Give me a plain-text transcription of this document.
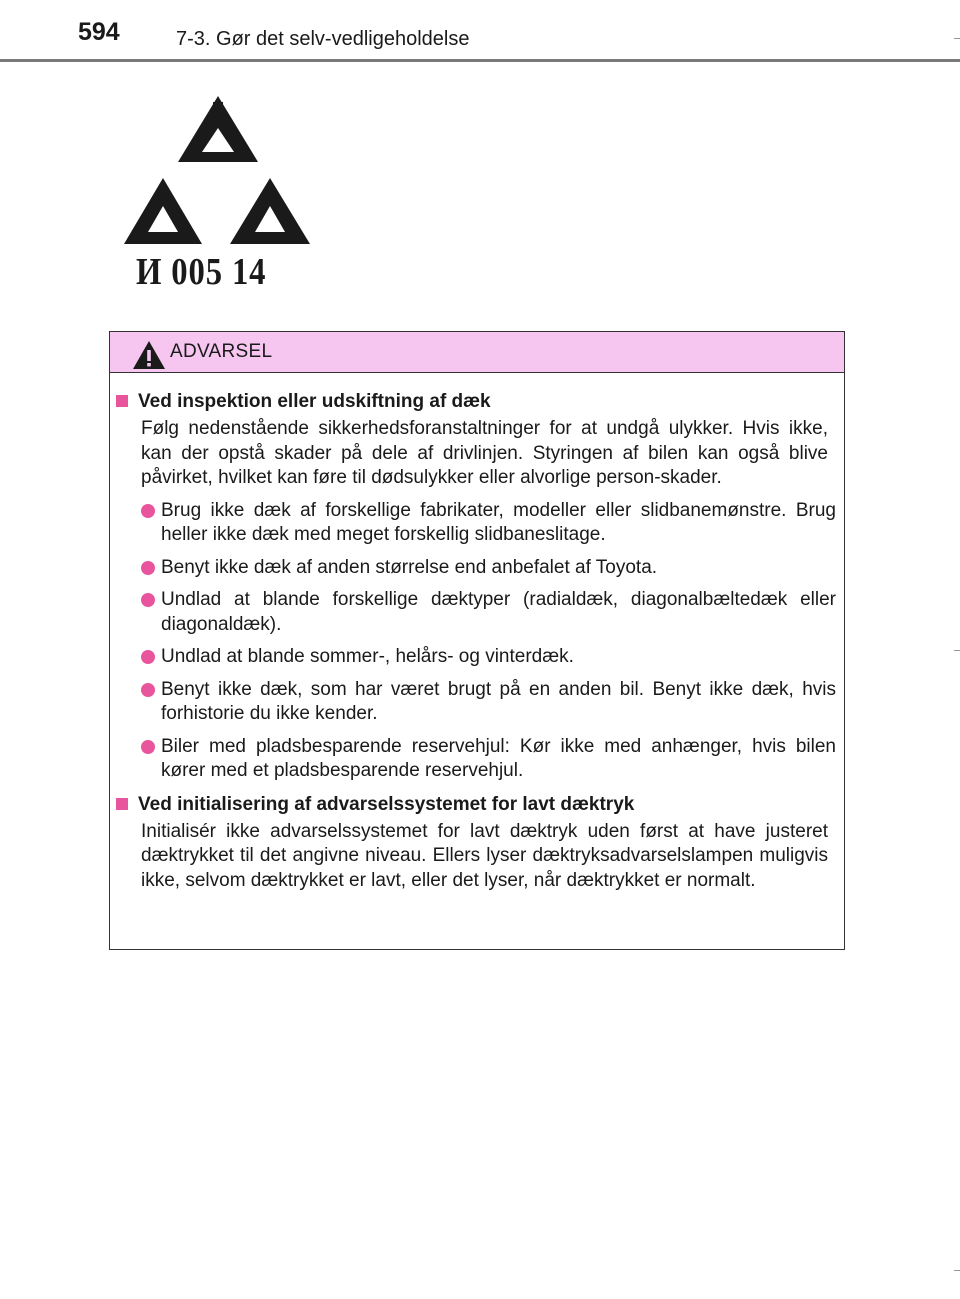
594	7-3. Gør det selv-vedligeholdelse
И 005 14
ADVARSEL
Ved inspektion eller udskiftning af dæk

Følg nedenstående sikkerhedsforanstaltninger for at undgå ulykker. Hvis ikke, kan der opstå skader på dele af drivlinjen. Styringen af bilen kan også blive påvirket, hvilket kan føre til dødsulykker eller alvorlige person-skader.

Brug ikke dæk af forskellige fabrikater, modeller eller slidbanemønstre. Brug heller ikke dæk med meget forskellig slidbaneslitage.
Benyt ikke dæk af anden størrelse end anbefalet af Toyota.
Undlad at blande forskellige dæktyper (radialdæk, diagonalbæltedæk eller diagonaldæk).
Undlad at blande sommer-, helårs- og vinterdæk.
Benyt ikke dæk, som har været brugt på en anden bil. Benyt ikke dæk, hvis forhistorie du ikke kender.
Biler med pladsbesparende reservehjul: Kør ikke med anhænger, hvis bilen kører med et pladsbesparende reservehjul.
Ved initialisering af advarselssystemet for lavt dæktryk

Initialisér ikke advarselssystemet for lavt dæktryk uden først at have justeret dæktrykket til det angivne niveau. Ellers lyser dæktryksadvarselslampen muligvis ikke, selvom dæktrykket er lavt, eller det lyser, når dæktrykket er normalt.
